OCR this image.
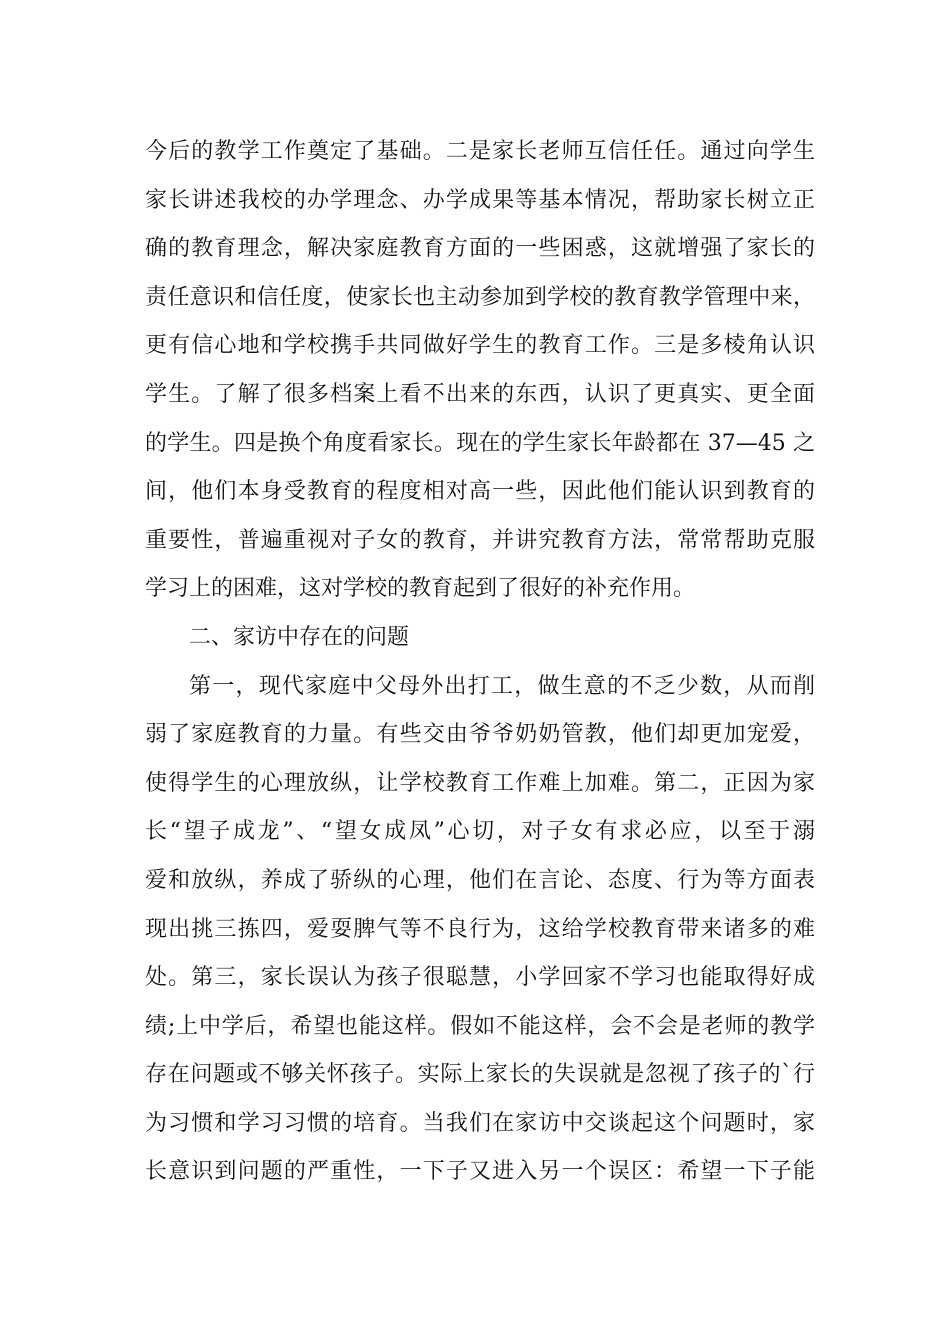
今后的教学工作奠定了基础。二是家长老师互信任任。通过向学生
家长讲述我校的办学理念、办学成果等基本情况，帮助家长树立正
确的教育理念，解决家庭教育方面的一些困惑，这就增强了家长的
责任意识和信任度，使家长也主动参加到学校的教育教学管理中来，
更有信心地和学校携手共同做好学生的教育工作。三是多棱角认识
学生。了解了很多档案上看不出来的东西，认识了更真实、更全面
的学生。四是换个角度看家长。现在的学生家长年龄都在 37—45 之
间，他们本身受教育的程度相对高一些，因此他们能认识到教育的
重要性，普遍重视对子女的教育，并讲究教育方法，常常帮助克服
学习上的困难，这对学校的教育起到了很好的补充作用。
二、家访中存在的问题
第一，现代家庭中父母外出打工，做生意的不乏少数，从而削
弱了家庭教育的力量。有些交由爷爷奶奶管教，他们却更加宠爱，
使得学生的心理放纵，让学校教育工作难上加难。第二，正因为家
长“望子成龙”、“望女成凤”心切，对子女有求必应，以至于溺
爱和放纵，养成了骄纵的心理，他们在言论、态度、行为等方面表
现出挑三拣四，爱耍脾气等不良行为，这给学校教育带来诸多的难
处。第三，家长误认为孩子很聪慧，小学回家不学习也能取得好成
绩;上中学后，希望也能这样。假如不能这样，会不会是老师的教学
存在问题或不够关怀孩子。实际上家长的失误就是忽视了孩子的`行
为习惯和学习习惯的培育。当我们在家访中交谈起这个问题时，家
长意识到问题的严重性，一下子又进入另一个误区：希望一下子能
